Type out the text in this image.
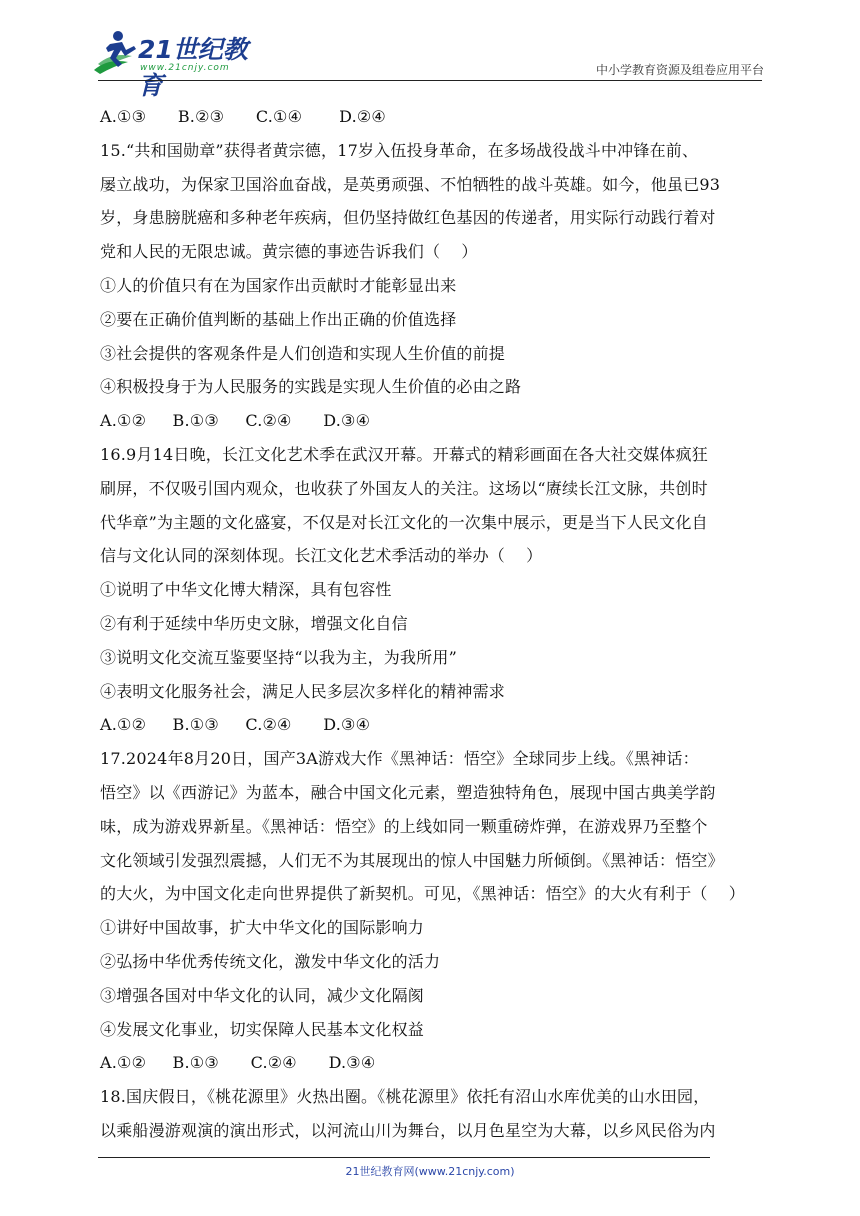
21世纪教育
www.21cnjy.com	中小学教育资源及组卷应用平台
A.①③      B.②③      C.①④       D.②④
15.“共和国勋章”获得者黄宗德，17岁入伍投身革命，在多场战役战斗中冲锋在前、
屡立战功，为保家卫国浴血奋战，是英勇顽强、不怕牺牲的战斗英雄。如今，他虽已93
岁，身患膀胱癌和多种老年疾病，但仍坚持做红色基因的传递者，用实际行动践行着对
党和人民的无限忠诚。黄宗德的事迹告诉我们（    ）
①人的价值只有在为国家作出贡献时才能彰显出来
②要在正确价值判断的基础上作出正确的价值选择
③社会提供的客观条件是人们创造和实现人生价值的前提
④积极投身于为人民服务的实践是实现人生价值的必由之路
A.①②     B.①③     C.②④      D.③④
16.9月14日晚，长江文化艺术季在武汉开幕。开幕式的精彩画面在各大社交媒体疯狂
刷屏，不仅吸引国内观众，也收获了外国友人的关注。这场以“赓续长江文脉，共创时
代华章”为主题的文化盛宴，不仅是对长江文化的一次集中展示，更是当下人民文化自
信与文化认同的深刻体现。长江文化艺术季活动的举办（    ）
①说明了中华文化博大精深，具有包容性
②有利于延续中华历史文脉，增强文化自信
③说明文化交流互鉴要坚持“以我为主，为我所用”
④表明文化服务社会，满足人民多层次多样化的精神需求
A.①②     B.①③     C.②④      D.③④
17.2024年8月20日，国产3A游戏大作《黑神话：悟空》全球同步上线。《黑神话：
悟空》以《西游记》为蓝本，融合中国文化元素，塑造独特角色，展现中国古典美学韵
味，成为游戏界新星。《黑神话：悟空》的上线如同一颗重磅炸弹，在游戏界乃至整个
文化领域引发强烈震撼，人们无不为其展现出的惊人中国魅力所倾倒。《黑神话：悟空》
的大火，为中国文化走向世界提供了新契机。可见，《黑神话：悟空》的大火有利于（    ）
①讲好中国故事，扩大中华文化的国际影响力
②弘扬中华优秀传统文化，激发中华文化的活力
③增强各国对中华文化的认同，减少文化隔阂
④发展文化事业，切实保障人民基本文化权益
A.①②     B.①③      C.②④      D.③④
18.国庆假日，《桃花源里》火热出圈。《桃花源里》依托有沼山水库优美的山水田园，
以乘船漫游观演的演出形式，以河流山川为舞台，以月色星空为大幕，以乡风民俗为内
21世纪教育网(www.21cnjy.com)
